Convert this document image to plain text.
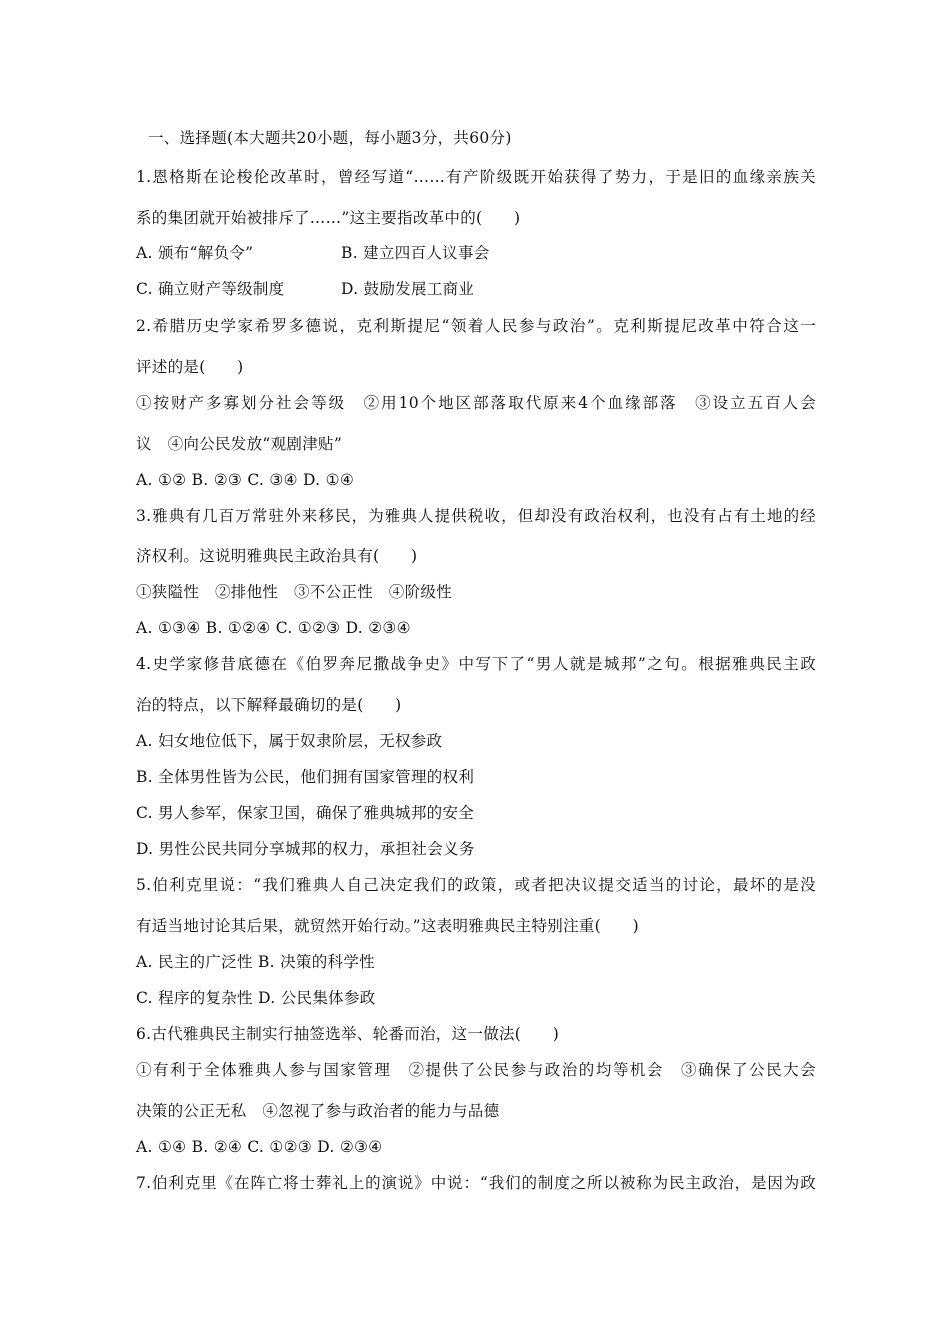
一、选择题(本大题共20小题，每小题3分，共60分)
1.恩格斯在论梭伦改革时，曾经写道“……有产阶级既开始获得了势力，于是旧的血缘亲族关
系的集团就开始被排斥了……”这主要指改革中的(　　)
A. 颁布“解负令”	B. 建立四百人议事会
C. 确立财产等级制度	D. 鼓励发展工商业
2.希腊历史学家希罗多德说，克利斯提尼“领着人民参与政治”。克利斯提尼改革中符合这一
评述的是(　　)
①按财产多寡划分社会等级　②用10个地区部落取代原来4个血缘部落　③设立五百人会
议　④向公民发放“观剧津贴”
A. ①② B. ②③ C. ③④ D. ①④
3.雅典有几百万常驻外来移民，为雅典人提供税收，但却没有政治权利，也没有占有土地的经
济权利。这说明雅典民主政治具有(　　)
①狭隘性　②排他性　③不公正性　④阶级性
A. ①③④ B. ①②④ C. ①②③ D. ②③④
4.史学家修昔底德在《伯罗奔尼撒战争史》中写下了“男人就是城邦”之句。根据雅典民主政
治的特点，以下解释最确切的是(　　)
A. 妇女地位低下，属于奴隶阶层，无权参政
B. 全体男性皆为公民，他们拥有国家管理的权利
C. 男人参军，保家卫国，确保了雅典城邦的安全
D. 男性公民共同分享城邦的权力，承担社会义务
5.伯利克里说：“我们雅典人自己决定我们的政策，或者把决议提交适当的讨论，最坏的是没
有适当地讨论其后果，就贸然开始行动。”这表明雅典民主特别注重(　　)
A. 民主的广泛性 B. 决策的科学性
C. 程序的复杂性 D. 公民集体参政
6.古代雅典民主制实行抽签选举、轮番而治，这一做法(　　)
①有利于全体雅典人参与国家管理　②提供了公民参与政治的均等机会　③确保了公民大会
决策的公正无私　④忽视了参与政治者的能力与品德
A. ①④ B. ②④ C. ①②③ D. ②③④
7.伯利克里《在阵亡将士葬礼上的演说》中说：“我们的制度之所以被称为民主政治，是因为政
